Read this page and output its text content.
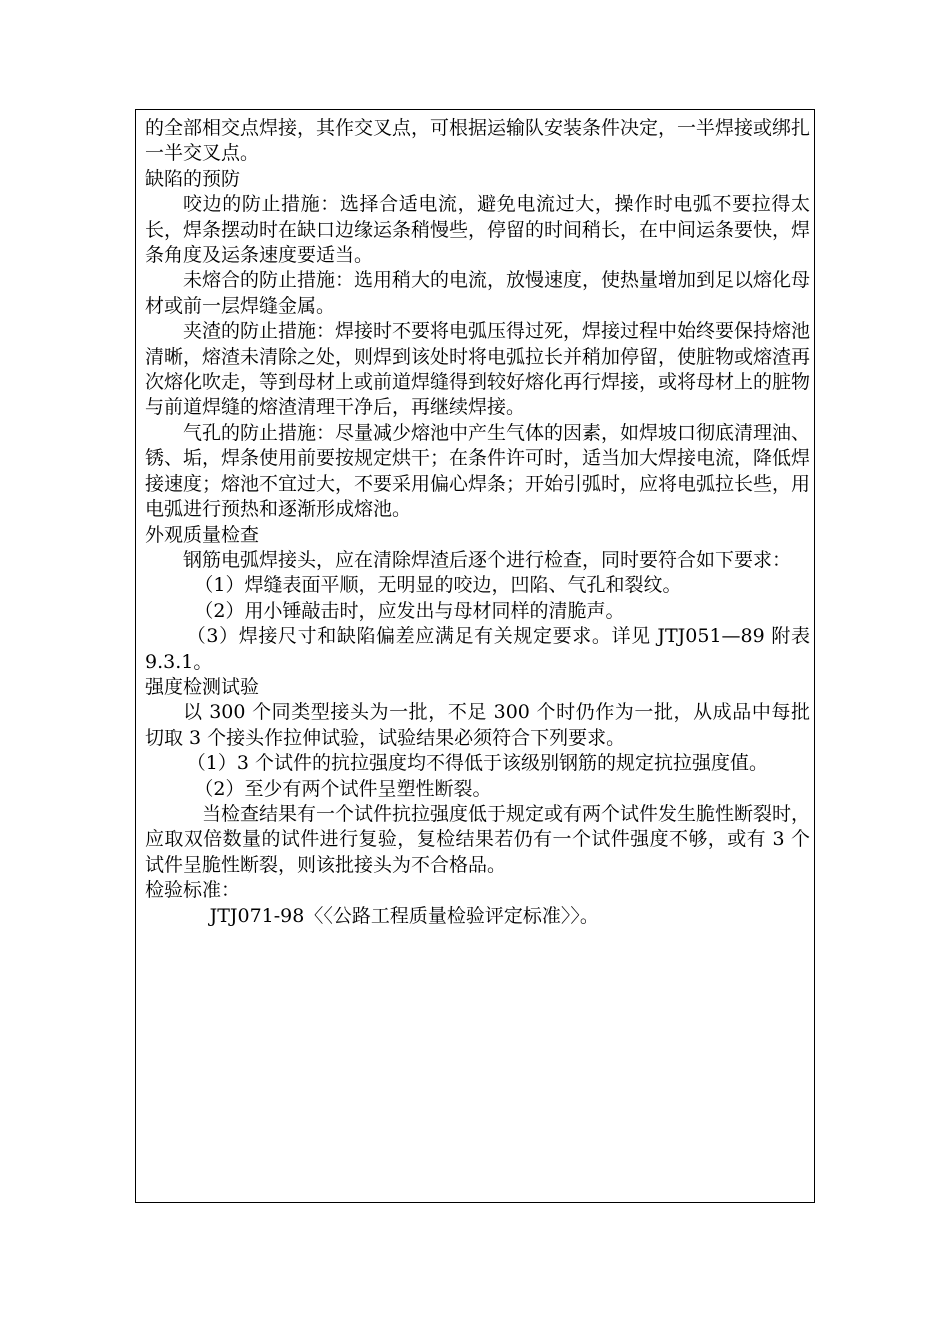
的全部相交点焊接，其作交叉点，可根据运输队安装条件决定，一半焊接或绑扎一半交叉点。

缺陷的预防

咬边的防止措施：选择合适电流，避免电流过大，操作时电弧不要拉得太长，焊条摆动时在缺口边缘运条稍慢些，停留的时间稍长，在中间运条要快，焊条角度及运条速度要适当。

未熔合的防止措施：选用稍大的电流，放慢速度，使热量增加到足以熔化母材或前一层焊缝金属。

夹渣的防止措施：焊接时不要将电弧压得过死，焊接过程中始终要保持熔池清晰，熔渣未清除之处，则焊到该处时将电弧拉长并稍加停留，使脏物或熔渣再次熔化吹走，等到母材上或前道焊缝得到较好熔化再行焊接，或将母材上的脏物与前道焊缝的熔渣清理干净后，再继续焊接。

气孔的防止措施：尽量减少熔池中产生气体的因素，如焊坡口彻底清理油、锈、垢，焊条使用前要按规定烘干；在条件许可时，适当加大焊接电流，降低焊接速度；熔池不宜过大，不要采用偏心焊条；开始引弧时，应将电弧拉长些，用电弧进行预热和逐渐形成熔池。

外观质量检查

钢筋电弧焊接头，应在清除焊渣后逐个进行检查，同时要符合如下要求：

（1）焊缝表面平顺，无明显的咬边，凹陷、气孔和裂纹。

（2）用小锤敲击时，应发出与母材同样的清脆声。

（3）焊接尺寸和缺陷偏差应满足有关规定要求。详见 JTJ051—89 附表 9.3.1。

强度检测试验

以 300 个同类型接头为一批，不足 300 个时仍作为一批，从成品中每批切取 3 个接头作拉伸试验，试验结果必须符合下列要求。

（1）3 个试件的抗拉强度均不得低于该级别钢筋的规定抗拉强度值。

（2）至少有两个试件呈塑性断裂。

当检查结果有一个试件抗拉强度低于规定或有两个试件发生脆性断裂时，应取双倍数量的试件进行复验，复检结果若仍有一个试件强度不够，或有 3 个试件呈脆性断裂，则该批接头为不合格品。

检验标准：

JTJ071-98〈〈公路工程质量检验评定标准〉〉。
